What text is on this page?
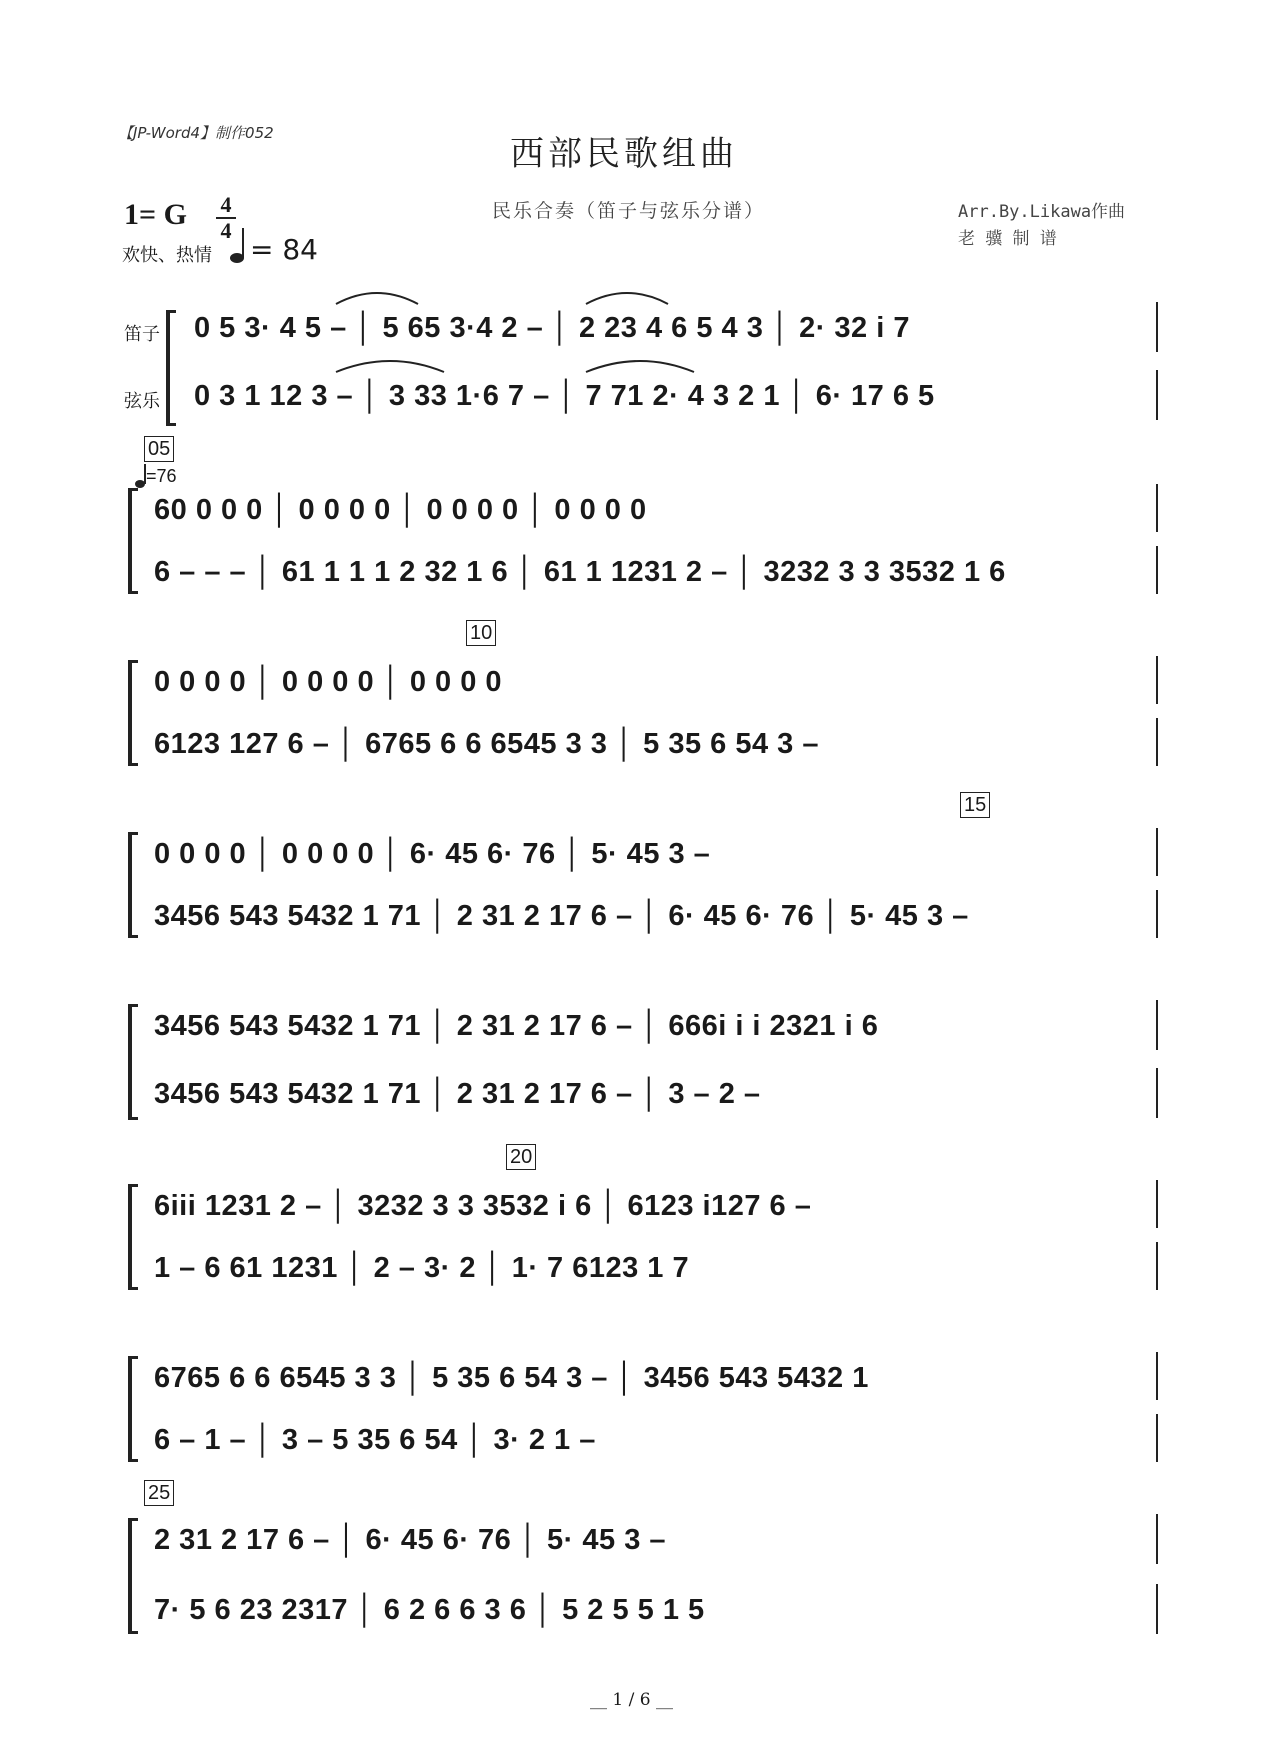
【JP-Word4】制作052
西部民歌组曲
民乐合奏（笛子与弦乐分谱）	Arr.By.Likawa作曲
老 骥 制 谱
1= G 4
4
欢快、热情 = 84
笛子
弦乐
0 5 3· 4 5 – │ 5 65 3·4 2 – │ 2 23 4 6 5 4 3 │ 2· 32 i 7
0 3 1 12 3 – │ 3 33 1·6 7 – │ 7 71 2· 4 3 2 1 │ 6· 17 6 5
05
=76
60 0 0 0 │ 0 0 0 0 │ 0 0 0 0 │ 0 0 0 0
6 – – – │ 61 1 1 1 2 32 1 6 │ 61 1 1231 2 – │ 3232 3 3 3532 1 6
10
0 0 0 0 │ 0 0 0 0 │ 0 0 0 0
6123 127 6 – │ 6765 6 6 6545 3 3 │ 5 35 6 54 3 –
15
0 0 0 0 │ 0 0 0 0 │ 6· 45 6· 76 │ 5· 45 3 –
3456 543 5432 1 71 │ 2 31 2 17 6 – │ 6· 45 6· 76 │ 5· 45 3 –
3456 543 5432 1 71 │ 2 31 2 17 6 – │ 666i i i 2321 i 6
3456 543 5432 1 71 │ 2 31 2 17 6 – │ 3 – 2 –
20
6iii 1231 2 – │ 3232 3 3 3532 i 6 │ 6123 i127 6 –
1 – 6 61 1231 │ 2 – 3· 2 │ 1· 7 6123 1 7
6765 6 6 6545 3 3 │ 5 35 6 54 3 – │ 3456 543 5432 1
6 – 1 – │ 3 – 5 35 6 54 │ 3· 2 1 –
25
2 31 2 17 6 – │ 6· 45 6· 76 │ 5· 45 3 –
7· 5 6 23 2317 │ 6 2 6 6 3 6 │ 5 2 5 5 1 5
__ 1 / 6 __
